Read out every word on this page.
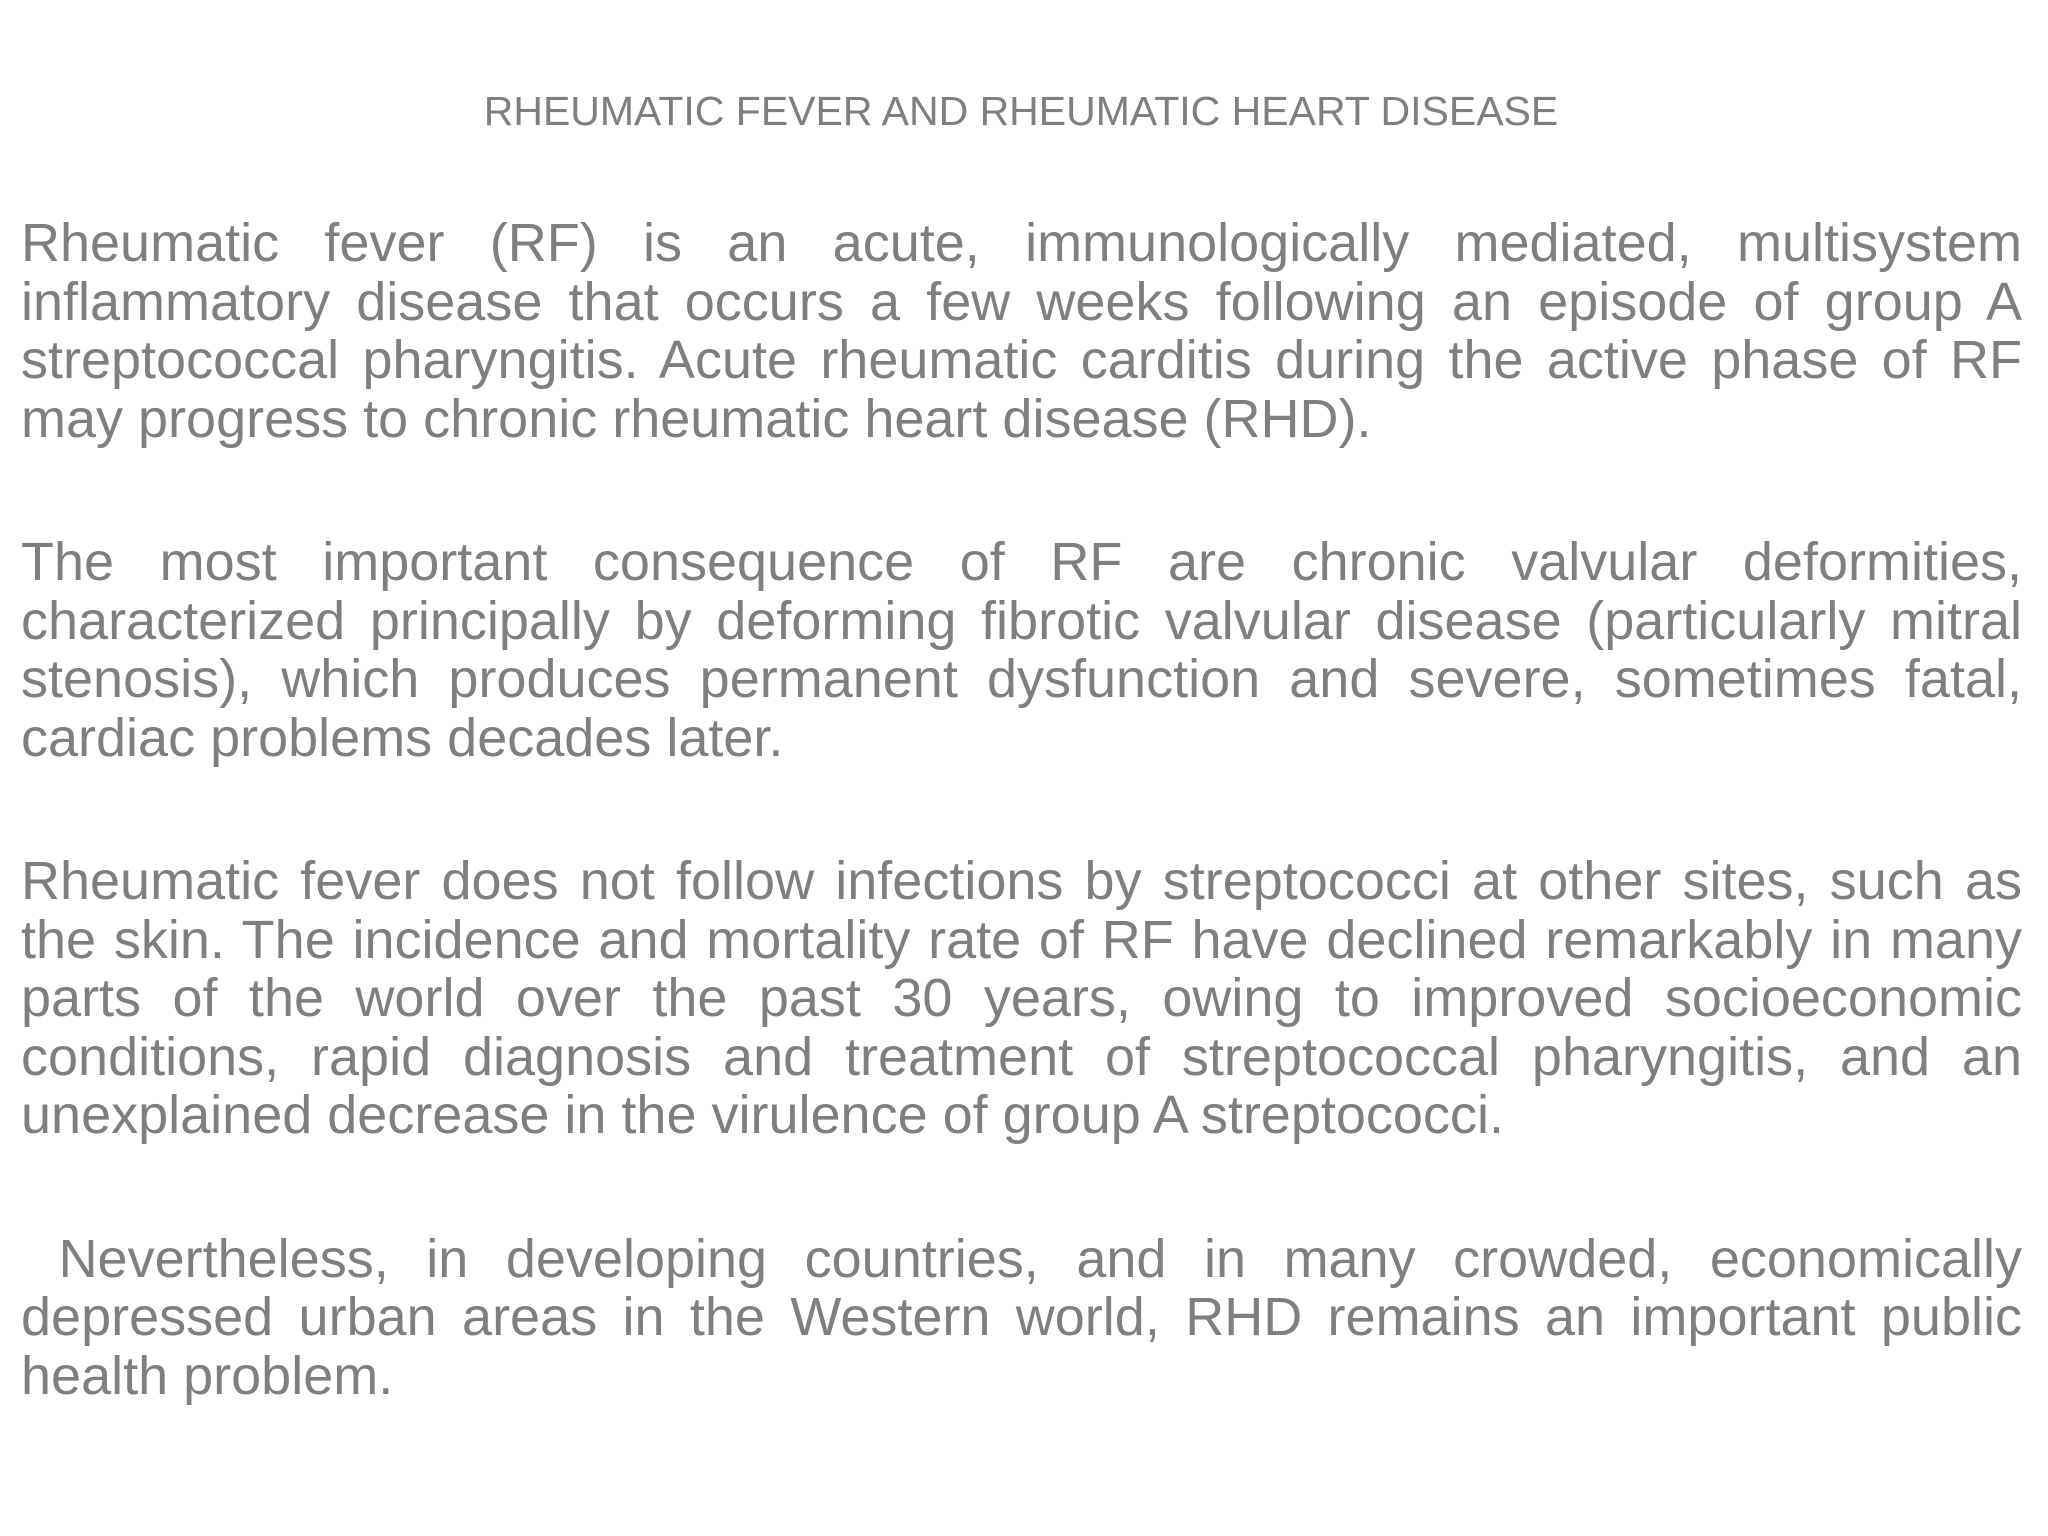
RHEUMATIC FEVER AND RHEUMATIC HEART DISEASE

Rheumatic fever (RF) is an acute, immunologically mediated, multisystem inflammatory disease that occurs a few weeks following an episode of group A streptococcal pharyngitis. Acute rheumatic carditis during the active phase of RF may progress to chronic rheumatic heart disease (RHD).

The most important consequence of RF are chronic valvular deformities, characterized principally by deforming fibrotic valvular disease (particularly mitral stenosis), which produces permanent dysfunction and severe, sometimes fatal, cardiac problems decades later.

Rheumatic fever does not follow infections by streptococci at other sites, such as the skin. The incidence and mortality rate of RF have declined remarkably in many parts of the world over the past 30 years, owing to improved socioeconomic conditions, rapid diagnosis and treatment of streptococcal pharyngitis, and an unexplained decrease in the virulence of group A streptococci.

Nevertheless, in developing countries, and in many crowded, economically depressed urban areas in the Western world, RHD remains an important public health problem.
